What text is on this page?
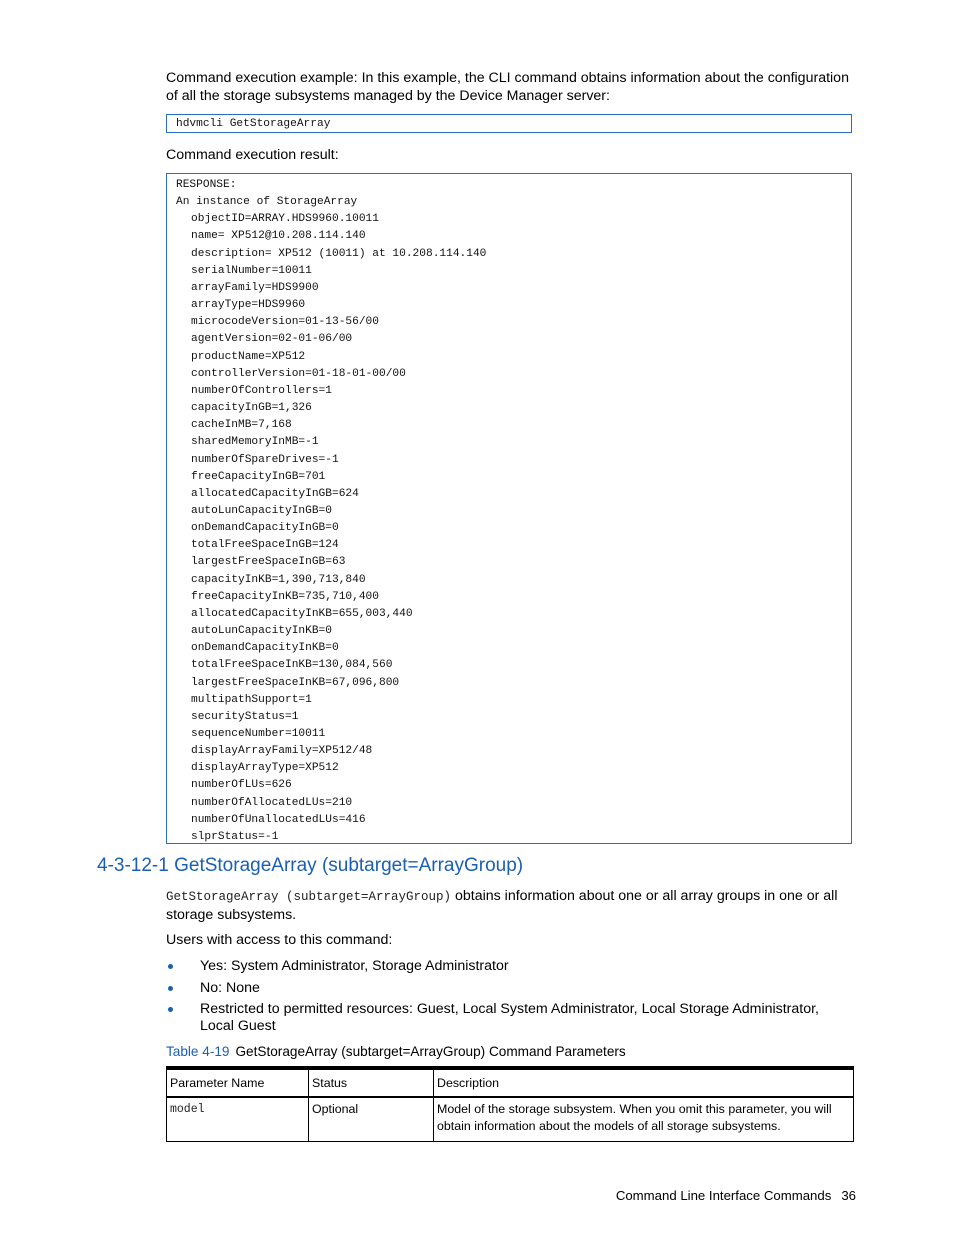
Command execution example: In this example, the CLI command obtains information about the configuration of all the storage subsystems managed by the Device Manager server:
hdvmcli GetStorageArray
Command execution result:
RESPONSE:
An instance of StorageArray
objectID=ARRAY.HDS9960.10011
name= XP512@10.208.114.140
description= XP512 (10011) at 10.208.114.140
serialNumber=10011
arrayFamily=HDS9900
arrayType=HDS9960
microcodeVersion=01-13-56/00
agentVersion=02-01-06/00
productName=XP512
controllerVersion=01-18-01-00/00
numberOfControllers=1
capacityInGB=1,326
cacheInMB=7,168
sharedMemoryInMB=-1
numberOfSpareDrives=-1
freeCapacityInGB=701
allocatedCapacityInGB=624
autoLunCapacityInGB=0
onDemandCapacityInGB=0
totalFreeSpaceInGB=124
largestFreeSpaceInGB=63
capacityInKB=1,390,713,840
freeCapacityInKB=735,710,400
allocatedCapacityInKB=655,003,440
autoLunCapacityInKB=0
onDemandCapacityInKB=0
totalFreeSpaceInKB=130,084,560
largestFreeSpaceInKB=67,096,800
multipathSupport=1
securityStatus=1
sequenceNumber=10011
displayArrayFamily=XP512/48
displayArrayType=XP512
numberOfLUs=626
numberOfAllocatedLUs=210
numberOfUnallocatedLUs=416
slprStatus=-1
4-3-12-1 GetStorageArray (subtarget=ArrayGroup)
GetStorageArray (subtarget=ArrayGroup) obtains information about one or all array groups in one or all storage subsystems.
Users with access to this command:
Yes: System Administrator, Storage Administrator
No: None
Restricted to permitted resources: Guest, Local System Administrator, Local Storage Administrator, Local Guest
Table 4-19 GetStorageArray (subtarget=ArrayGroup) Command Parameters
Parameter Name	Status	Description
model	Optional	Model of the storage subsystem. When you omit this parameter, you will obtain information about the models of all storage subsystems.
Command Line Interface Commands 36
